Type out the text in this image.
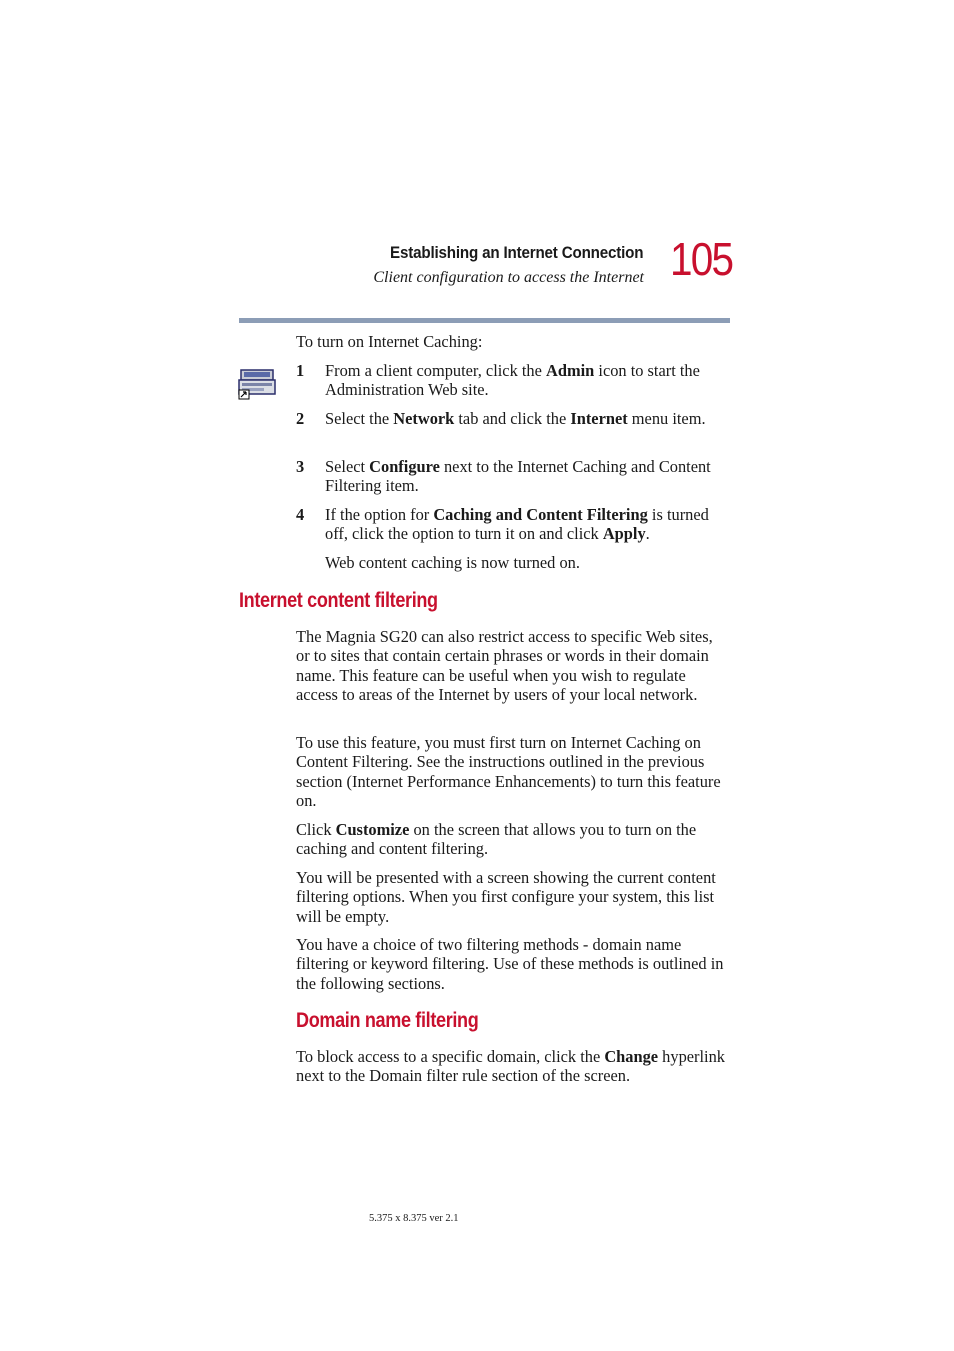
Establishing an Internet Connection
Client configuration to access the Internet 105

To turn on Internet Caching:

1 From a client computer, click the Admin icon to start the Administration Web site.
2 Select the Network tab and click the Internet menu item.
3 Select Configure next to the Internet Caching and Content Filtering item.
4 If the option for Caching and Content Filtering is turned off, click the option to turn it on and click Apply.
Web content caching is now turned on.
Internet content filtering

The Magnia SG20 can also restrict access to specific Web sites, or to sites that contain certain phrases or words in their domain name. This feature can be useful when you wish to regulate access to areas of the Internet by users of your local network.

To use this feature, you must first turn on Internet Caching on Content Filtering. See the instructions outlined in the previous section (Internet Performance Enhancements) to turn this feature on.

Click Customize on the screen that allows you to turn on the caching and content filtering.

You will be presented with a screen showing the current content filtering options. When you first configure your system, this list will be empty.

You have a choice of two filtering methods - domain name filtering or keyword filtering. Use of these methods is outlined in the following sections.

Domain name filtering

To block access to a specific domain, click the Change hyperlink next to the Domain filter rule section of the screen.

5.375 x 8.375 ver 2.1
